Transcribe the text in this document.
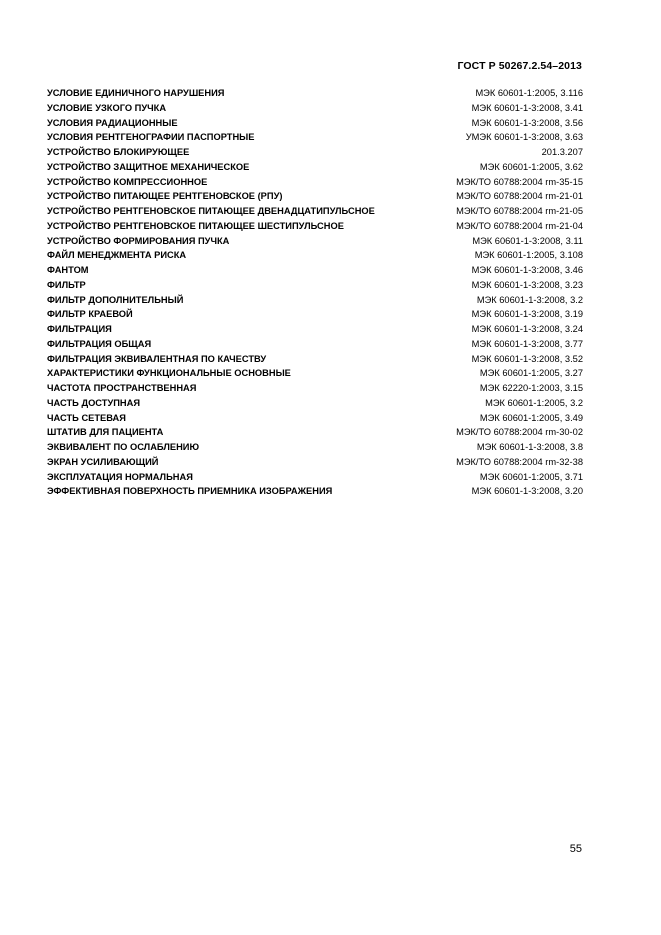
ГОСТ Р 50267.2.54–2013
УСЛОВИЕ ЕДИНИЧНОГО НАРУШЕНИЯ	МЭК 60601-1:2005, 3.116
УСЛОВИЕ УЗКОГО ПУЧКА	МЭК 60601-1-3:2008, 3.41
УСЛОВИЯ РАДИАЦИОННЫЕ	МЭК 60601-1-3:2008, 3.56
УСЛОВИЯ РЕНТГЕНОГРАФИИ ПАСПОРТНЫЕ	УМЭК 60601-1-3:2008, 3.63
УСТРОЙСТВО БЛОКИРУЮЩЕЕ	201.3.207
УСТРОЙСТВО ЗАЩИТНОЕ МЕХАНИЧЕСКОЕ	МЭК 60601-1:2005, 3.62
УСТРОЙСТВО КОМПРЕССИОННОЕ	МЭК/ТО 60788:2004 rm-35-15
УСТРОЙСТВО ПИТАЮЩЕЕ РЕНТГЕНОВСКОЕ (РПУ)	МЭК/ТО 60788:2004 rm-21-01
УСТРОЙСТВО РЕНТГЕНОВСКОЕ ПИТАЮЩЕЕ ДВЕНАДЦАТИПУЛЬСНОЕ	МЭК/ТО 60788:2004 rm-21-05
УСТРОЙСТВО РЕНТГЕНОВСКОЕ ПИТАЮЩЕЕ ШЕСТИПУЛЬСНОЕ	МЭК/ТО 60788:2004 rm-21-04
УСТРОЙСТВО ФОРМИРОВАНИЯ ПУЧКА	МЭК 60601-1-3:2008, 3.11
ФАЙЛ МЕНЕДЖМЕНТА РИСКА	МЭК 60601-1:2005, 3.108
ФАНТОМ	МЭК 60601-1-3:2008, 3.46
ФИЛЬТР	МЭК 60601-1-3:2008, 3.23
ФИЛЬТР ДОПОЛНИТЕЛЬНЫЙ	МЭК 60601-1-3:2008, 3.2
ФИЛЬТР КРАЕВОЙ	МЭК 60601-1-3:2008, 3.19
ФИЛЬТРАЦИЯ	МЭК 60601-1-3:2008, 3.24
ФИЛЬТРАЦИЯ ОБЩАЯ	МЭК 60601-1-3:2008, 3.77
ФИЛЬТРАЦИЯ ЭКВИВАЛЕНТНАЯ ПО КАЧЕСТВУ	МЭК 60601-1-3:2008, 3.52
ХАРАКТЕРИСТИКИ ФУНКЦИОНАЛЬНЫЕ ОСНОВНЫЕ	МЭК 60601-1:2005, 3.27
ЧАСТОТА ПРОСТРАНСТВЕННАЯ	МЭК 62220-1:2003, 3.15
ЧАСТЬ ДОСТУПНАЯ	МЭК 60601-1:2005, 3.2
ЧАСТЬ СЕТЕВАЯ	МЭК 60601-1:2005, 3.49
ШТАТИВ ДЛЯ ПАЦИЕНТА	МЭК/ТО 60788:2004 rm-30-02
ЭКВИВАЛЕНТ ПО ОСЛАБЛЕНИЮ	МЭК 60601-1-3:2008, 3.8
ЭКРАН УСИЛИВАЮЩИЙ	МЭК/ТО 60788:2004 rm-32-38
ЭКСПЛУАТАЦИЯ НОРМАЛЬНАЯ	МЭК 60601-1:2005, 3.71
ЭФФЕКТИВНАЯ ПОВЕРХНОСТЬ ПРИЕМНИКА ИЗОБРАЖЕНИЯ	МЭК 60601-1-3:2008, 3.20
55
